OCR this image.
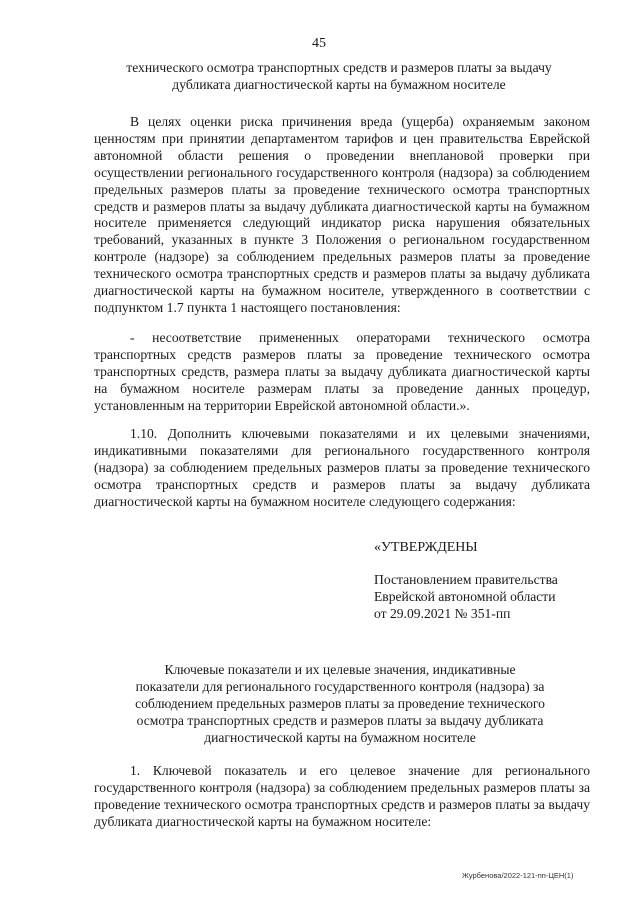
45
технического осмотра транспортных средств и размеров платы за выдачу
дубликата диагностической карты на бумажном носителе

В целях оценки риска причинения вреда (ущерба) охраняемым законом ценностям при принятии департаментом тарифов и цен правительства Еврейской автономной области решения о проведении внеплановой проверки при осуществлении регионального государственного контроля (надзора) за соблюдением предельных размеров платы за проведение технического осмотра транспортных средств и размеров платы за выдачу дубликата диагностической карты на бумажном носителе применяется следующий индикатор риска нарушения обязательных требований, указанных в пункте 3 Положения о региональном государственном контроле (надзоре) за соблюдением предельных размеров платы за проведение технического осмотра транспортных средств и размеров платы за выдачу дубликата диагностической карты на бумажном носителе, утвержденного в соответствии с подпунктом 1.7 пункта 1 настоящего постановления:

- несоответствие примененных операторами технического осмотра транспортных средств размеров платы за проведение технического осмотра транспортных средств, размера платы за выдачу дубликата диагностической карты на бумажном носителе размерам платы за проведение данных процедур, установленным на территории Еврейской автономной области.».

1.10. Дополнить ключевыми показателями и их целевыми значениями, индикативными показателями для регионального государственного контроля (надзора) за соблюдением предельных размеров платы за проведение технического осмотра транспортных средств и размеров платы за выдачу дубликата диагностической карты на бумажном носителе следующего содержания:

«УТВЕРЖДЕНЫ
Постановлением правительства
Еврейской автономной области
от 29.09.2021 № 351-пп
Ключевые показатели и их целевые значения, индикативные
показатели для регионального государственного контроля (надзора) за
соблюдением предельных размеров платы за проведение технического
осмотра транспортных средств и размеров платы за выдачу дубликата
диагностической карты на бумажном носителе

1. Ключевой показатель и его целевое значение для регионального государственного контроля (надзора) за соблюдением предельных размеров платы за проведение технического осмотра транспортных средств и размеров платы за выдачу дубликата диагностической карты на бумажном носителе:

Журбенова/2022-121-пп-ЦЕН(1)
